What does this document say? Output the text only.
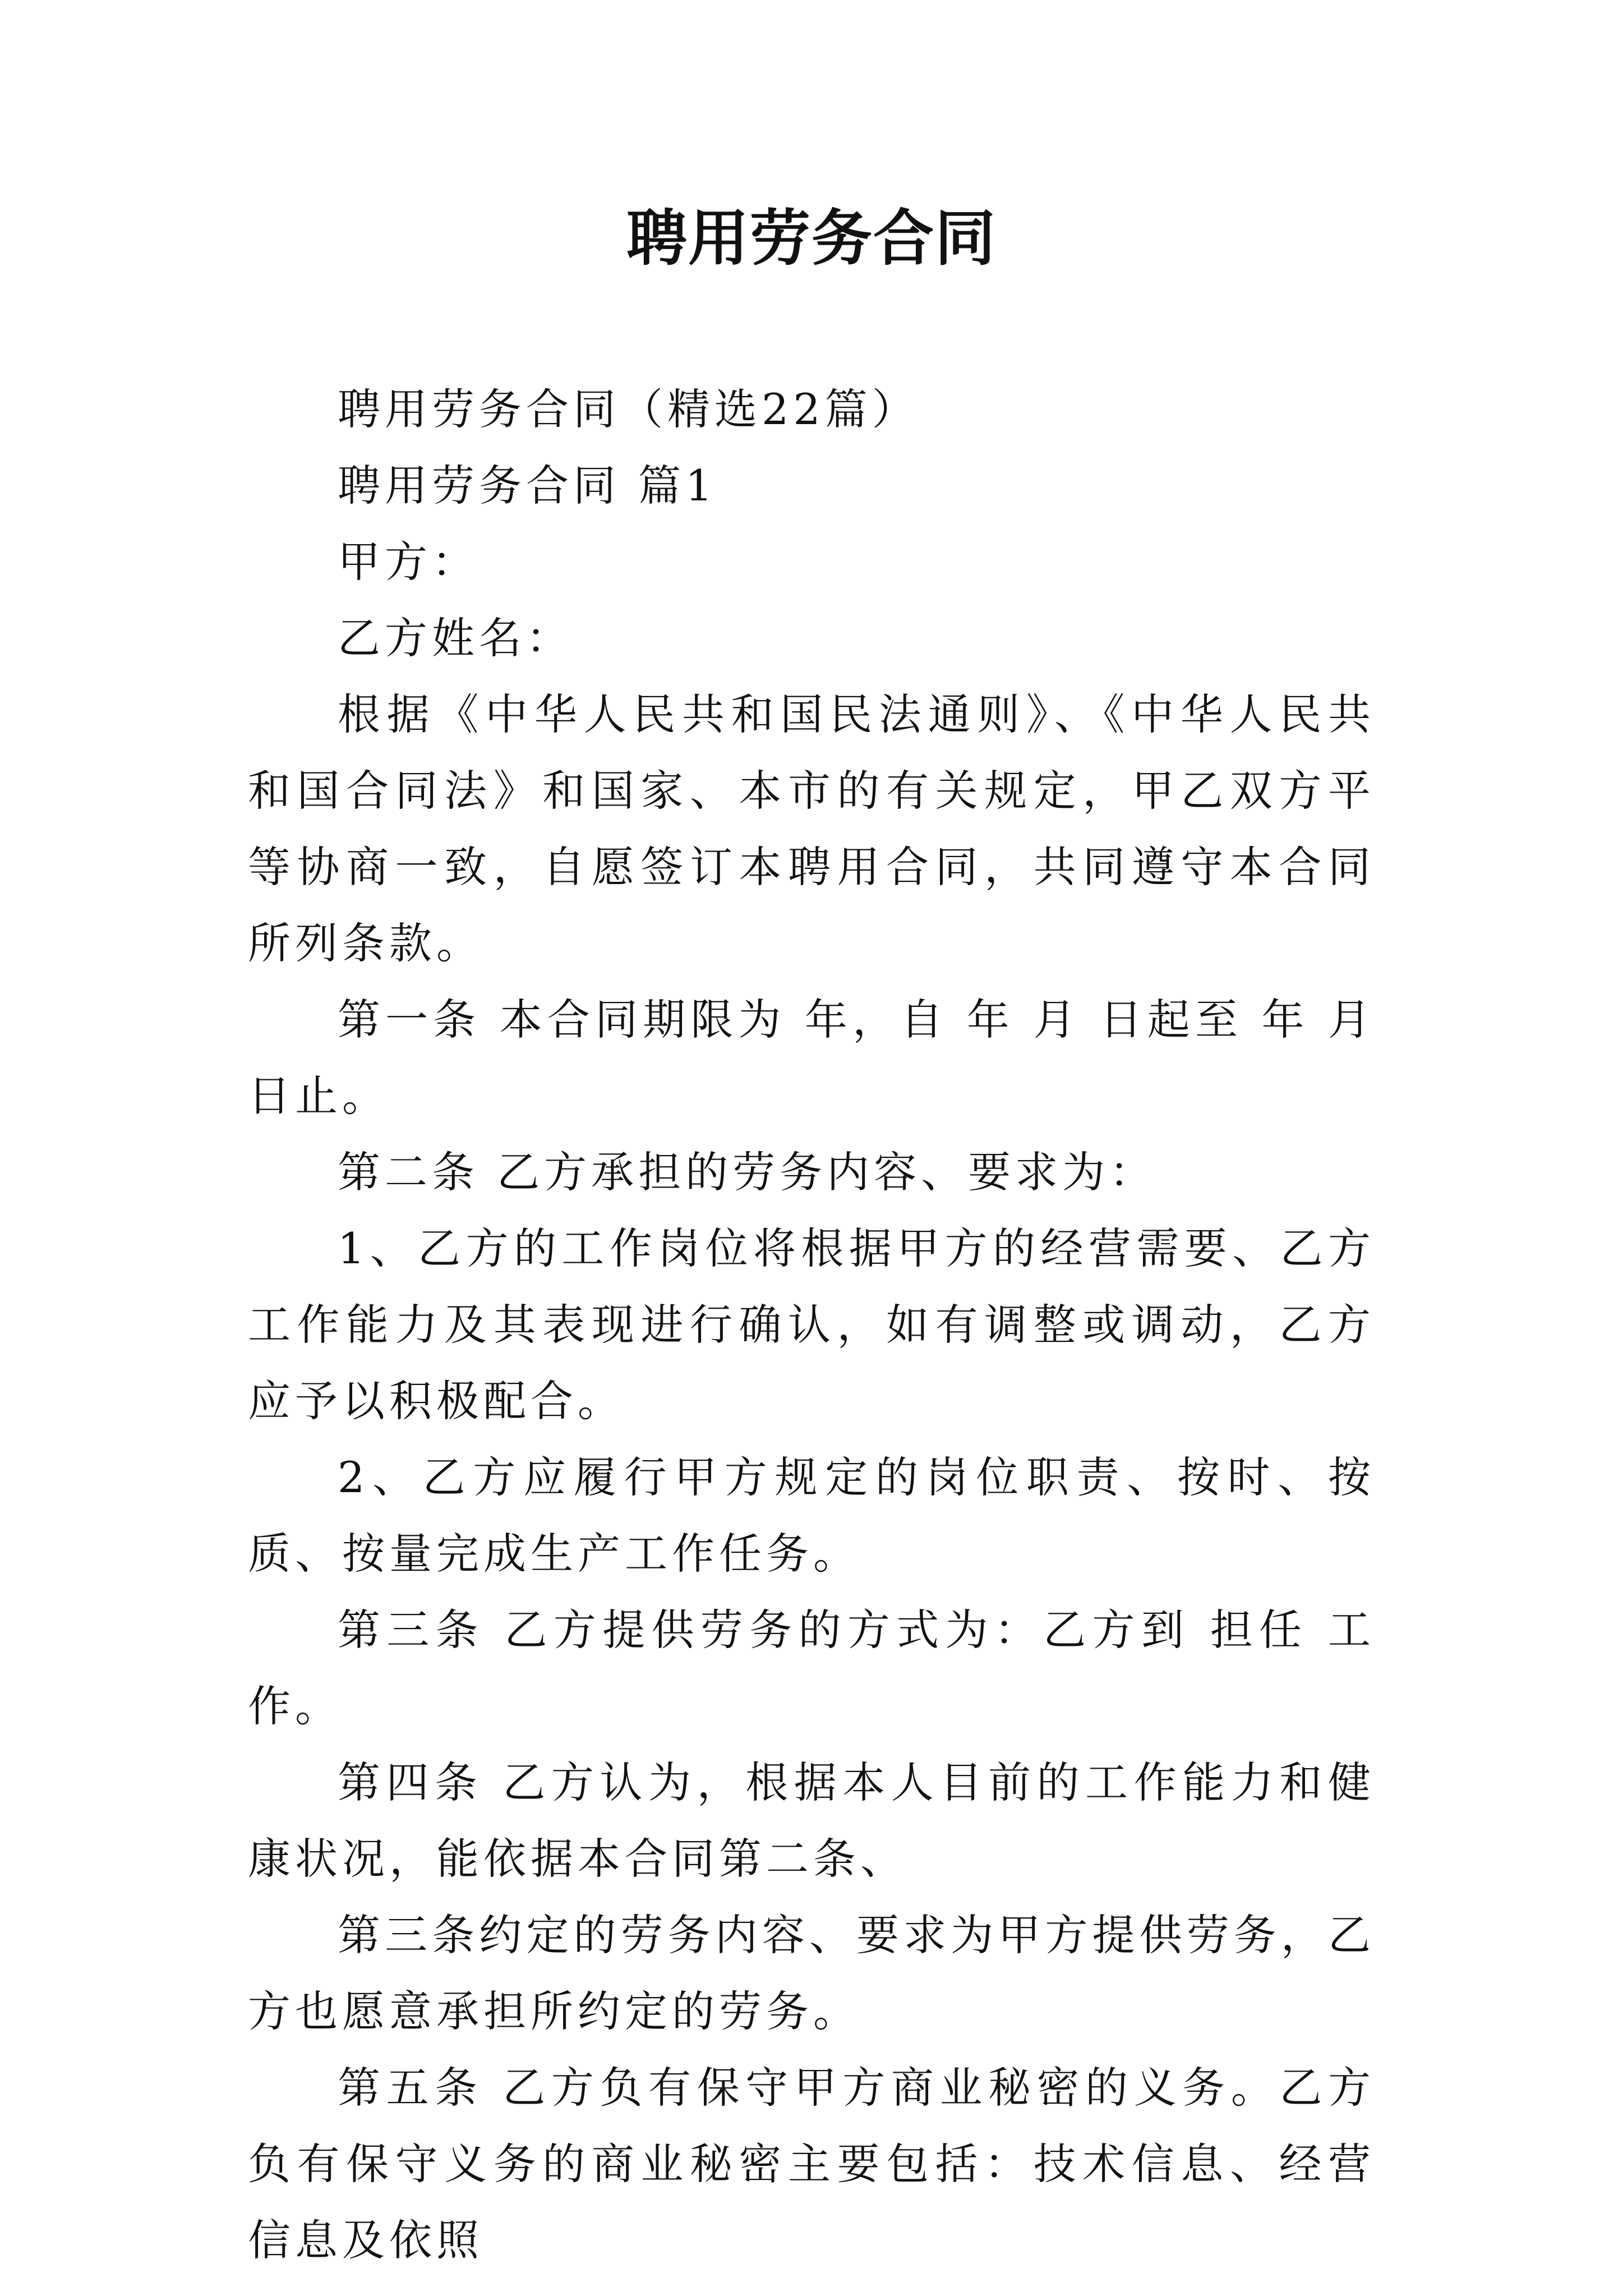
聘用劳务合同

聘用劳务合同（精选22篇）

聘用劳务合同 篇1

甲方：

乙方姓名：

根据《中华人民共和国民法通则》、《中华人民共和国合同法》和国家、本市的有关规定，甲乙双方平等协商一致，自愿签订本聘用合同，共同遵守本合同所列条款。

第一条 本合同期限为 年，自 年 月 日起至 年 月 日止。

第二条 乙方承担的劳务内容、要求为：

1、乙方的工作岗位将根据甲方的经营需要、乙方工作能力及其表现进行确认，如有调整或调动，乙方应予以积极配合。

2、乙方应履行甲方规定的岗位职责、按时、按质、按量完成生产工作任务。

第三条 乙方提供劳务的方式为：乙方到 担任 工作。

第四条 乙方认为，根据本人目前的工作能力和健康状况，能依据本合同第二条、

第三条约定的劳务内容、要求为甲方提供劳务，乙方也愿意承担所约定的劳务。

第五条 乙方负有保守甲方商业秘密的义务。乙方负有保守义务的商业秘密主要包括：技术信息、经营信息及依照
